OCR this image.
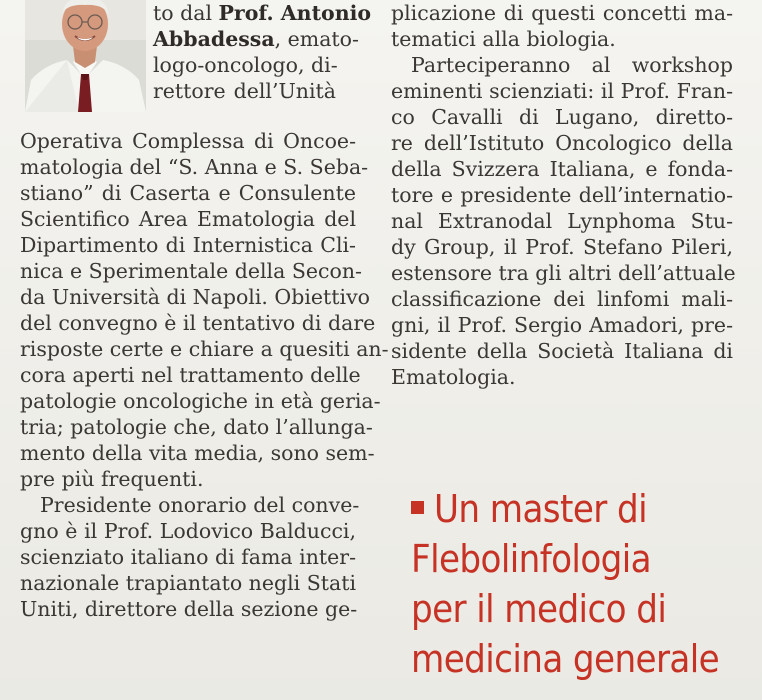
to dal Prof. Antonio
Abbadessa, emato-
logo-oncologo, di-
rettore dell’Unità
Operativa Complessa di Oncoe-
matologia del “S. Anna e S. Seba-
stiano” di Caserta e Consulente
Scientifico Area Ematologia del
Dipartimento di Internistica Cli-
nica e Sperimentale della Secon-
da Università di Napoli. Obiettivo
del convegno è il tentativo di dare
risposte certe e chiare a quesiti an-
cora aperti nel trattamento delle
patologie oncologiche in età geria-
tria; patologie che, dato l’allunga-
mento della vita media, sono sem-
pre più frequenti.
Presidente onorario del conve-
gno è il Prof. Lodovico Balducci,
scienziato italiano di fama inter-
nazionale trapiantato negli Stati
Uniti, direttore della sezione ge-
plicazione di questi concetti ma-
tematici alla biologia.
Parteciperanno al workshop
eminenti scienziati: il Prof. Fran-
co Cavalli di Lugano, diretto-
re dell’Istituto Oncologico della
della Svizzera Italiana, e fonda-
tore e presidente dell’internatio-
nal Extranodal Lynphoma Stu-
dy Group, il Prof. Stefano Pileri,
estensore tra gli altri dell’attuale
classificazione dei linfomi mali-
gni, il Prof. Sergio Amadori, pre-
sidente della Società Italiana di
Ematologia.
Un master di
Flebolinfologia
per il medico di
medicina generale
